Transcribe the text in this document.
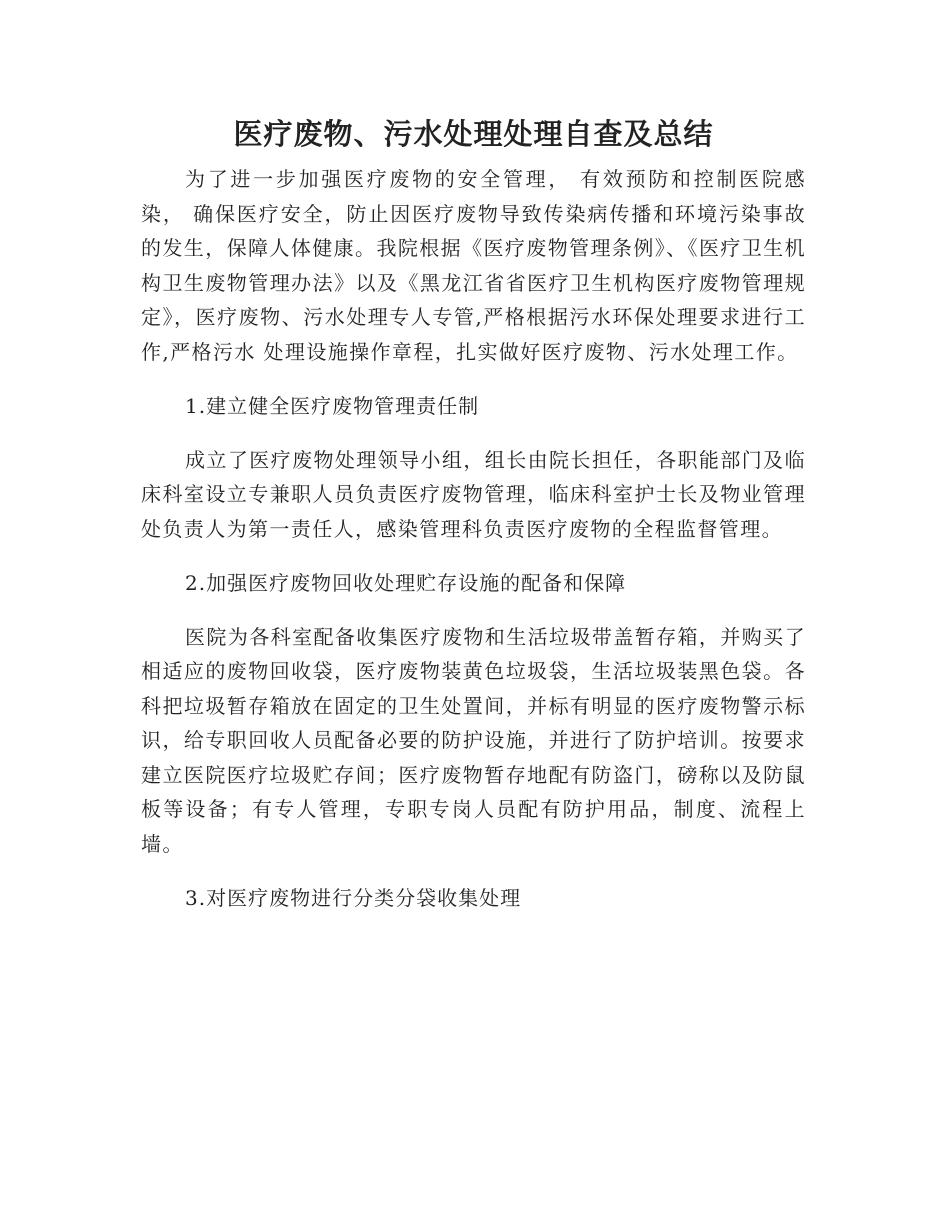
医疗废物、污水处理处理自查及总结

为了进一步加强医疗废物的安全管理， 有效预防和控制医院感染， 确保医疗安全，防止因医疗废物导致传染病传播和环境污染事故的发生，保障人体健康。我院根据《医疗废物管理条例》、《医疗卫生机构卫生废物管理办法》以及《黑龙江省省医疗卫生机构医疗废物管理规定》，医疗废物、污水处理专人专管,严格根据污水环保处理要求进行工作,严格污水 处理设施操作章程，扎实做好医疗废物、污水处理工作。

1.建立健全医疗废物管理责任制

成立了医疗废物处理领导小组，组长由院长担任，各职能部门及临床科室设立专兼职人员负责医疗废物管理，临床科室护士长及物业管理处负责人为第一责任人，感染管理科负责医疗废物的全程监督管理。

2.加强医疗废物回收处理贮存设施的配备和保障

医院为各科室配备收集医疗废物和生活垃圾带盖暂存箱，并购买了相适应的废物回收袋，医疗废物装黄色垃圾袋，生活垃圾装黑色袋。各科把垃圾暂存箱放在固定的卫生处置间，并标有明显的医疗废物警示标识，给专职回收人员配备必要的防护设施，并进行了防护培训。按要求建立医院医疗垃圾贮存间；医疗废物暂存地配有防盗门，磅称以及防鼠板等设备；有专人管理，专职专岗人员配有防护用品，制度、流程上墙。

3.对医疗废物进行分类分袋收集处理
